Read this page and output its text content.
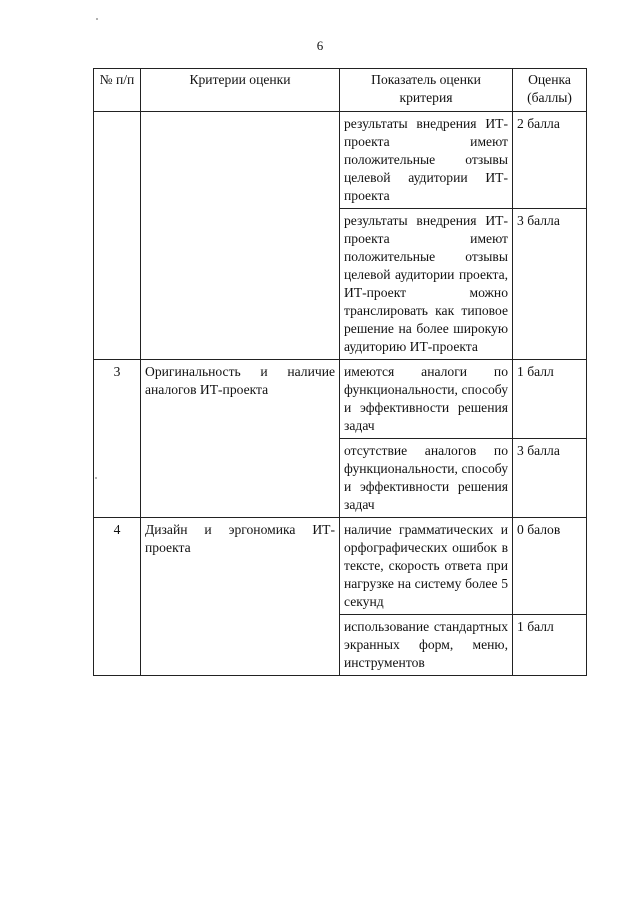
6
№ п/п	Критерии оценки	Показатель оценки критерия	Оценка (баллы)
		результаты внедрения ИТ-проекта имеют положительные отзывы целевой аудитории ИТ-проекта	2 балла
		результаты внедрения ИТ-проекта имеют положительные отзывы целевой аудитории проекта, ИТ-проект можно транслировать как типовое решение на более широкую аудиторию ИТ-проекта	3 балла
3	Оригинальность и наличие аналогов ИТ-проекта	имеются аналоги по функциональности, способу и эффективности решения задач	1 балл
		отсутствие аналогов по функциональности, способу и эффективности решения задач	3 балла
4	Дизайн и эргономика ИТ-проекта	наличие грамматических и орфографических ошибок в тексте, скорость ответа при нагрузке на систему более 5 секунд	0 балов
		использование стандартных экранных форм, меню, инструментов	1 балл
